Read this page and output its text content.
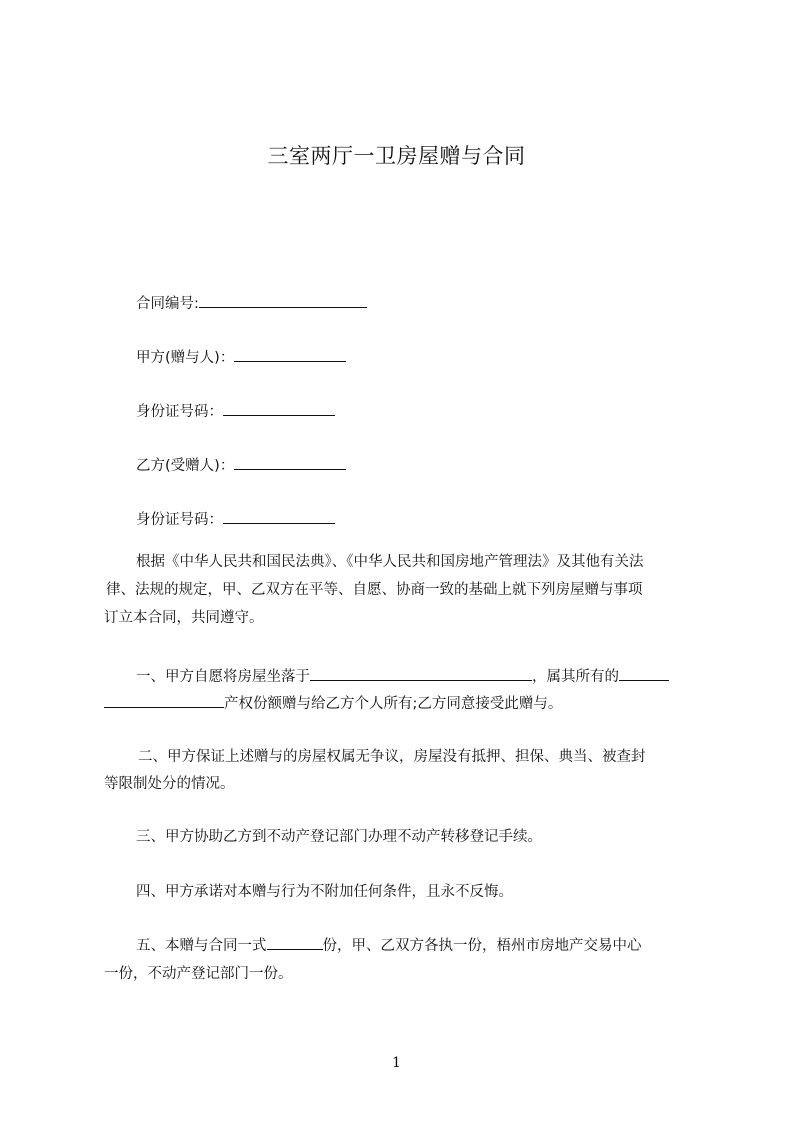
三室两厅一卫房屋赠与合同
合同编号:
甲方(赠与人)：
身份证号码：
乙方(受赠人)：
身份证号码：
根据《中华人民共和国民法典》、《中华人民共和国房地产管理法》及其他有关法
律、法规的规定，甲、乙双方在平等、自愿、协商一致的基础上就下列房屋赠与事项
订立本合同，共同遵守。
一、甲方自愿将房屋坐落于	，属其所有的
产权份额赠与给乙方个人所有;乙方同意接受此赠与。
二、甲方保证上述赠与的房屋权属无争议，房屋没有抵押、担保、典当、被查封
等限制处分的情况。
三、甲方协助乙方到不动产登记部门办理不动产转移登记手续。
四、甲方承诺对本赠与行为不附加任何条件，且永不反悔。
五、本赠与合同一式	份，甲、乙双方各执一份，梧州市房地产交易中心
一份，不动产登记部门一份。
1
